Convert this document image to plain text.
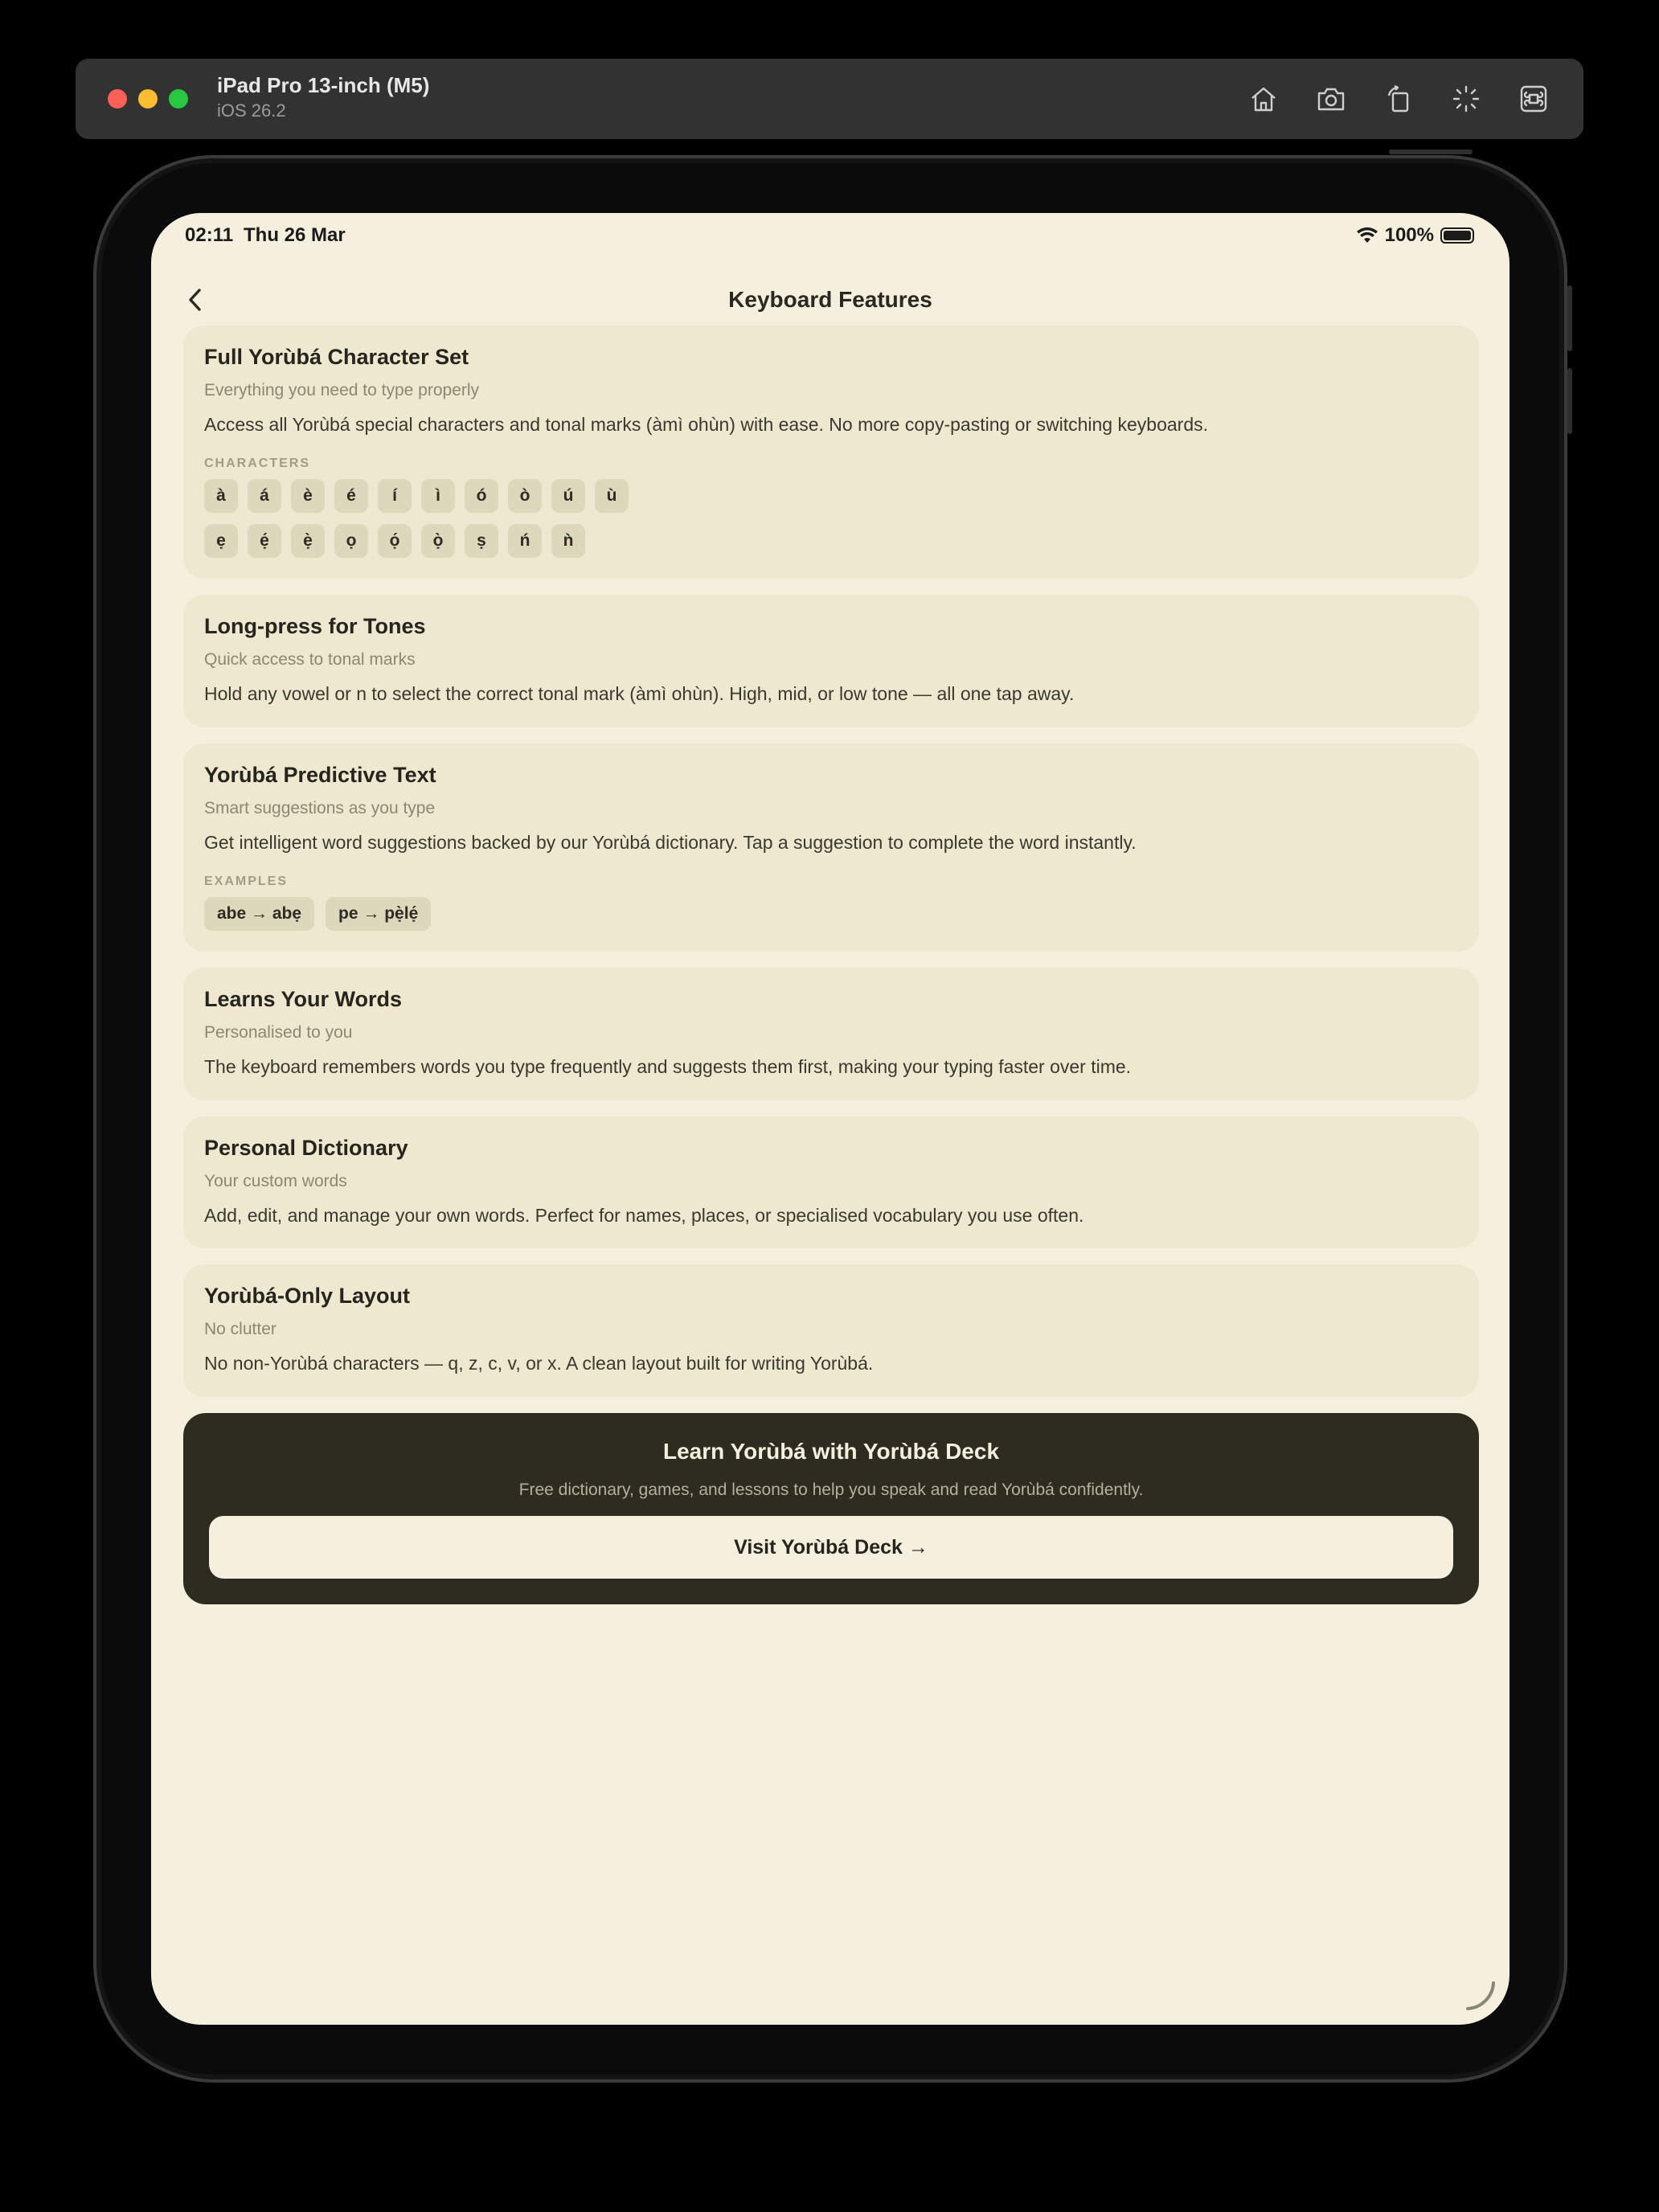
iPad Pro 13-inch (M5)
iOS 26.2
02:11 Thu 26 Mar	100%
Keyboard Features
Full Yorùbá Character Set
Everything you need to type properly
Access all Yorùbá special characters and tonal marks (àmì ohùn) with ease. No more copy-pasting or switching keyboards.
CHARACTERS
à	á	è	é	í	ì	ó	ò	ú	ù
ẹ	ẹ́	ẹ̀	ọ	ọ́	ọ̀	ṣ	ń	ǹ
Long-press for Tones
Quick access to tonal marks
Hold any vowel or n to select the correct tonal mark (àmì ohùn). High, mid, or low tone — all one tap away.
Yorùbá Predictive Text
Smart suggestions as you type
Get intelligent word suggestions backed by our Yorùbá dictionary. Tap a suggestion to complete the word instantly.
EXAMPLES
abe → abẹ	pe → pẹ̀lẹ́
Learns Your Words
Personalised to you
The keyboard remembers words you type frequently and suggests them first, making your typing faster over time.
Personal Dictionary
Your custom words
Add, edit, and manage your own words. Perfect for names, places, or specialised vocabulary you use often.
Yorùbá-Only Layout
No clutter
No non-Yorùbá characters — q, z, c, v, or x. A clean layout built for writing Yorùbá.
Learn Yorùbá with Yorùbá Deck
Free dictionary, games, and lessons to help you speak and read Yorùbá confidently.
Visit Yorùbá Deck →
